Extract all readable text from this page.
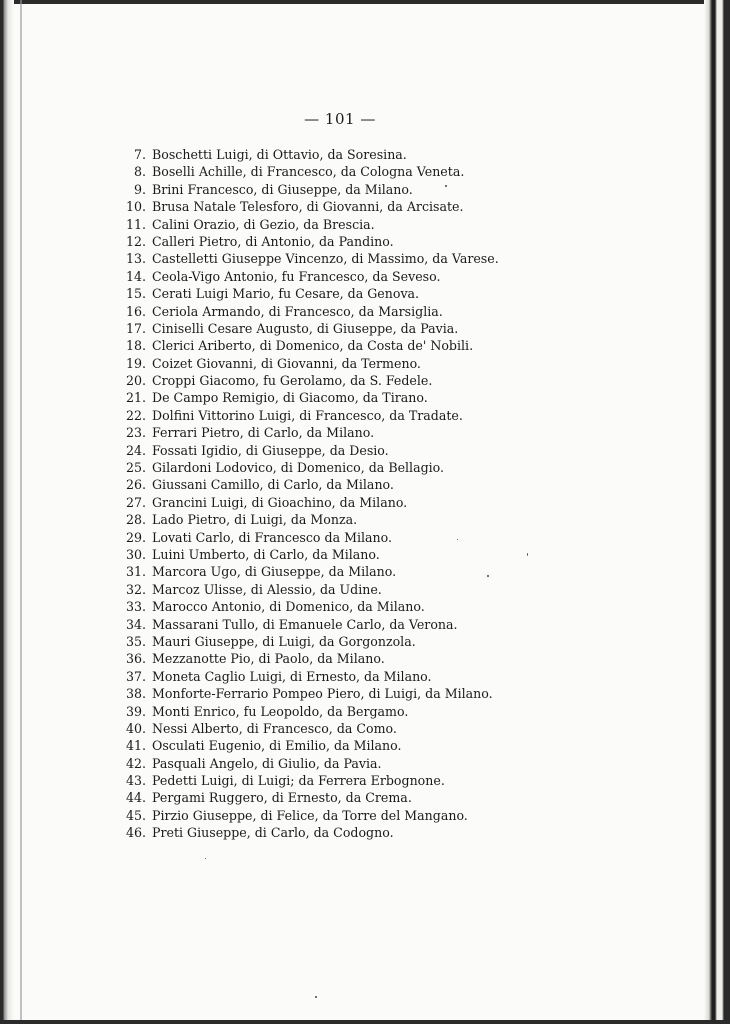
— 101 —
7. Boschetti Luigi, di Ottavio, da Soresina.
8. Boselli Achille, di Francesco, da Cologna Veneta.
9. Brini Francesco, di Giuseppe, da Milano.
10. Brusa Natale Telesforo, di Giovanni, da Arcisate.
11. Calini Orazio, di Gezio, da Brescia.
12. Calleri Pietro, di Antonio, da Pandino.
13. Castelletti Giuseppe Vincenzo, di Massimo, da Varese.
14. Ceola-Vigo Antonio, fu Francesco, da Seveso.
15. Cerati Luigi Mario, fu Cesare, da Genova.
16. Ceriola Armando, di Francesco, da Marsiglia.
17. Ciniselli Cesare Augusto, di Giuseppe, da Pavia.
18. Clerici Ariberto, di Domenico, da Costa de' Nobili.
19. Coizet Giovanni, di Giovanni, da Termeno.
20. Croppi Giacomo, fu Gerolamo, da S. Fedele.
21. De Campo Remigio, di Giacomo, da Tirano.
22. Dolfini Vittorino Luigi, di Francesco, da Tradate.
23. Ferrari Pietro, di Carlo, da Milano.
24. Fossati Igidio, di Giuseppe, da Desio.
25. Gilardoni Lodovico, di Domenico, da Bellagio.
26. Giussani Camillo, di Carlo, da Milano.
27. Grancini Luigi, di Gioachino, da Milano.
28. Lado Pietro, di Luigi, da Monza.
29. Lovati Carlo, di Francesco da Milano.
30. Luini Umberto, di Carlo, da Milano.
31. Marcora Ugo, di Giuseppe, da Milano.
32. Marcoz Ulisse, di Alessio, da Udine.
33. Marocco Antonio, di Domenico, da Milano.
34. Massarani Tullo, di Emanuele Carlo, da Verona.
35. Mauri Giuseppe, di Luigi, da Gorgonzola.
36. Mezzanotte Pio, di Paolo, da Milano.
37. Moneta Caglio Luigi, di Ernesto, da Milano.
38. Monforte-Ferrario Pompeo Piero, di Luigi, da Milano.
39. Monti Enrico, fu Leopoldo, da Bergamo.
40. Nessi Alberto, di Francesco, da Como.
41. Osculati Eugenio, di Emilio, da Milano.
42. Pasquali Angelo, di Giulio, da Pavia.
43. Pedetti Luigi, di Luigi; da Ferrera Erbognone.
44. Pergami Ruggero, di Ernesto, da Crema.
45. Pirzio Giuseppe, di Felice, da Torre del Mangano.
46. Preti Giuseppe, di Carlo, da Codogno.
